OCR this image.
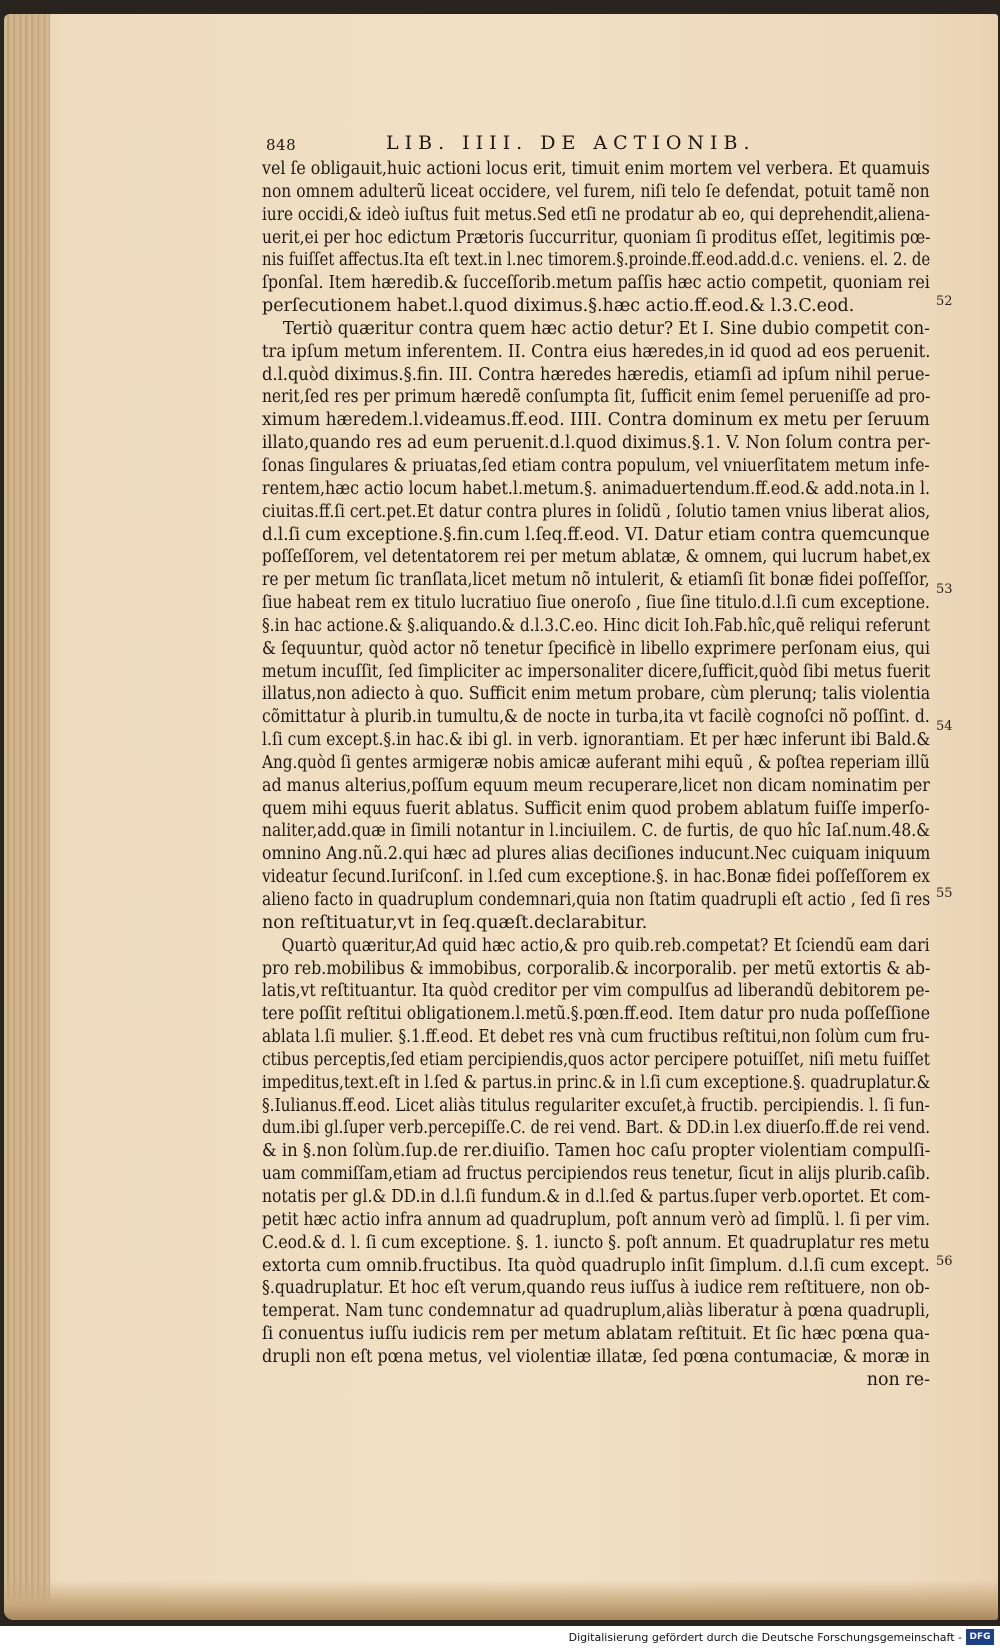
848	LIB. IIII. DE ACTIONIB.
vel ſe obligauit,huic actioni locus erit, timuit enim mortem vel verbera. Et quamuis
non omnem adulterũ liceat occidere, vel furem, niſi telo ſe defendat, potuit tamẽ non
iure occidi,& ideò iuſtus fuit metus.Sed etſi ne prodatur ab eo, qui deprehendit,aliena-
uerit,ei per hoc edictum Prætoris ſuccurritur, quoniam ſi proditus eſſet, legitimis pœ-
nis fuiſſet affectus.Ita eſt text.in l.nec timorem.§.proinde.ff.eod.add.d.c. veniens. el. 2. de
ſponſal. Item hæredib.& ſucceſſorib.metum paſſis hæc actio competit, quoniam rei
perſecutionem habet.l.quod diximus.§.hæc actio.ff.eod.& l.3.C.eod.
Tertiò quæritur contra quem hæc actio detur? Et I. Sine dubio competit con-
tra ipſum metum inferentem. II. Contra eius hæredes,in id quod ad eos peruenit.
d.l.quòd diximus.§.fin. III. Contra hæredes hæredis, etiamſi ad ipſum nihil perue-
nerit,ſed res per primum hæredẽ conſumpta ſit, ſufficit enim ſemel perueniſſe ad pro-
ximum hæredem.l.videamus.ff.eod. IIII. Contra dominum ex metu per ſeruum
illato,quando res ad eum peruenit.d.l.quod diximus.§.1. V. Non ſolum contra per-
ſonas ſingulares & priuatas,ſed etiam contra populum, vel vniuerſitatem metum infe-
rentem,hæc actio locum habet.l.metum.§. animaduertendum.ff.eod.& add.nota.in l.
ciuitas.ff.ſi cert.pet.Et datur contra plures in ſolidũ , ſolutio tamen vnius liberat alios,
d.l.ſi cum exceptione.§.fin.cum l.ſeq.ff.eod. VI. Datur etiam contra quemcunque
poſſeſſorem, vel detentatorem rei per metum ablatæ, & omnem, qui lucrum habet,ex
re per metum ſic tranſlata,licet metum nõ intulerit, & etiamſi ſit bonæ fidei poſſeſſor,
ſiue habeat rem ex titulo lucratiuo ſiue oneroſo , ſiue ſine titulo.d.l.ſi cum exceptione.
§.in hac actione.& §.aliquando.& d.l.3.C.eo. Hinc dicit Ioh.Fab.hîc,quẽ reliqui referunt
& ſequuntur, quòd actor nõ tenetur ſpecificè in libello exprimere perſonam eius, qui
metum incuſſit, ſed ſimpliciter ac impersonaliter dicere,ſufficit,quòd ſibi metus fuerit
illatus,non adiecto à quo. Sufficit enim metum probare, cùm plerunq; talis violentia
cõmittatur à plurib.in tumultu,& de nocte in turba,ita vt facilè cognoſci nõ poſſint. d.
l.ſi cum except.§.in hac.& ibi gl. in verb. ignorantiam. Et per hæc inferunt ibi Bald.&
Ang.quòd ſi gentes armigeræ nobis amicæ auferant mihi equũ , & poſtea reperiam illũ
ad manus alterius,poſſum equum meum recuperare,licet non dicam nominatim per
quem mihi equus fuerit ablatus. Sufficit enim quod probem ablatum fuiſſe imperſo-
naliter,add.quæ in ſimili notantur in l.inciuilem. C. de furtis, de quo hîc Iaſ.num.48.&
omnino Ang.nũ.2.qui hæc ad plures alias deciſiones inducunt.Nec cuiquam iniquum
videatur ſecund.Iuriſconſ. in l.ſed cum exceptione.§. in hac.Bonæ fidei poſſeſſorem ex
alieno facto in quadruplum condemnari,quia non ſtatim quadrupli eſt actio , ſed ſi res
non reſtituatur,vt in ſeq.quæſt.declarabitur.
Quartò quæritur,Ad quid hæc actio,& pro quib.reb.competat? Et ſciendũ eam dari
pro reb.mobilibus & immobibus, corporalib.& incorporalib. per metũ extortis & ab-
latis,vt reſtituantur. Ita quòd creditor per vim compulſus ad liberandũ debitorem pe-
tere poſſit reſtitui obligationem.l.metũ.§.pœn.ff.eod. Item datur pro nuda poſſeſſione
ablata l.ſi mulier. §.1.ff.eod. Et debet res vnà cum fructibus reſtitui,non ſolùm cum fru-
ctibus perceptis,ſed etiam percipiendis,quos actor percipere potuiſſet, niſi metu fuiſſet
impeditus,text.eſt in l.ſed & partus.in princ.& in l.ſi cum exceptione.§. quadruplatur.&
§.Iulianus.ff.eod. Licet aliàs titulus regulariter excuſet,à fructib. percipiendis. l. ſi fun-
dum.ibi gl.ſuper verb.percepiſſe.C. de rei vend. Bart. & DD.in l.ex diuerſo.ff.de rei vend.
& in §.non ſolùm.ſup.de rer.diuiſio. Tamen hoc caſu propter violentiam compulſi-
uam commiſſam,etiam ad fructus percipiendos reus tenetur, ſicut in alijs plurib.caſib.
notatis per gl.& DD.in d.l.ſi fundum.& in d.l.ſed & partus.ſuper verb.oportet. Et com-
petit hæc actio infra annum ad quadruplum, poſt annum verò ad ſimplũ. l. ſi per vim.
C.eod.& d. l. ſi cum exceptione. §. 1. iuncto §. poſt annum. Et quadruplatur res metu
extorta cum omnib.fructibus. Ita quòd quadruplo inſit ſimplum. d.l.ſi cum except.
§.quadruplatur. Et hoc eſt verum,quando reus iuſſus à iudice rem reſtituere, non ob-
temperat. Nam tunc condemnatur ad quadruplum,aliàs liberatur à pœna quadrupli,
ſi conuentus iuſſu iudicis rem per metum ablatam reſtituit. Et ſic hæc pœna qua-
drupli non eſt pœna metus, vel violentiæ illatæ, ſed pœna contumaciæ, & moræ in
non re-
52
53
54
55
56
Digitalisierung gefördert durch die Deutsche Forschungsgemeinschaft - DFG
